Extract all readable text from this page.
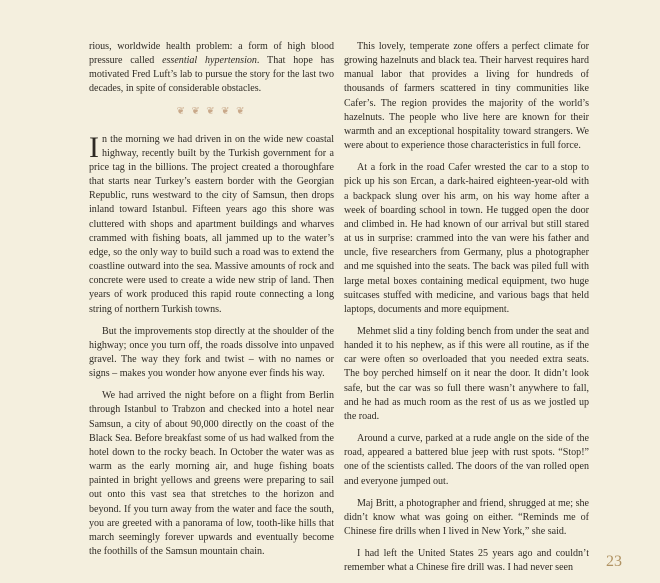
rious, worldwide health problem: a form of high blood pressure called essential hypertension. That hope has motivated Fred Luft’s lab to pursue the story for the last two decades, in spite of considerable obstacles.

❦ ❦ ❦ ❦ ❦

In the morning we had driven in on the wide new coastal highway, recently built by the Turkish government for a price tag in the billions. The project created a thoroughfare that starts near Turkey’s eastern border with the Georgian Republic, runs westward to the city of Samsun, then drops inland toward Istanbul. Fifteen years ago this shore was cluttered with shops and apartment buildings and wharves crammed with fishing boats, all jammed up to the water’s edge, so the only way to build such a road was to extend the coastline outward into the sea. Massive amounts of rock and concrete were used to create a wide new strip of land. Then years of work produced this rapid route connecting a long string of northern Turkish towns.

But the improvements stop directly at the shoulder of the highway; once you turn off, the roads dissolve into unpaved gravel. The way they fork and twist – with no names or signs – makes you wonder how anyone ever finds his way.

We had arrived the night before on a flight from Berlin through Istanbul to Trabzon and checked into a hotel near Samsun, a city of about 90,000 directly on the coast of the Black Sea. Before breakfast some of us had walked from the hotel down to the rocky beach. In October the water was as warm as the early morning air, and huge fishing boats painted in bright yellows and greens were preparing to sail out onto this vast sea that stretches to the horizon and beyond. If you turn away from the water and face the south, you are greeted with a panorama of low, tooth-like hills that march seemingly forever upwards and eventually become the foothills of the Samsun mountain chain.

This lovely, temperate zone offers a perfect climate for growing hazelnuts and black tea. Their harvest requires hard manual labor that provides a living for hundreds of thousands of farmers scattered in tiny communities like Cafer’s. The region provides the majority of the world’s hazelnuts. The people who live here are known for their warmth and an exceptional hospitality toward strangers. We were about to experience those characteristics in full force.

At a fork in the road Cafer wrested the car to a stop to pick up his son Ercan, a dark-haired eighteen-year-old with a backpack slung over his arm, on his way home after a week of boarding school in town. He tugged open the door and climbed in. He had known of our arrival but still stared at us in surprise: crammed into the van were his father and uncle, five researchers from Germany, plus a photographer and me squished into the seats. The back was piled full with large metal boxes containing medical equipment, two huge suitcases stuffed with medicine, and various bags that held laptops, documents and more equipment.

Mehmet slid a tiny folding bench from under the seat and handed it to his nephew, as if this were all routine, as if the car were often so overloaded that you needed extra seats. The boy perched himself on it near the door. It didn’t look safe, but the car was so full there wasn’t anywhere to fall, and he had as much room as the rest of us as we jostled up the road.

Around a curve, parked at a rude angle on the side of the road, appeared a battered blue jeep with rust spots. “Stop!” one of the scientists called. The doors of the van rolled open and everyone jumped out.

Maj Britt, a photographer and friend, shrugged at me; she didn’t know what was going on either. “Reminds me of Chinese fire drills when I lived in New York,” she said.

I had left the United States 25 years ago and couldn’t remember what a Chinese fire drill was. I had never seen	23
